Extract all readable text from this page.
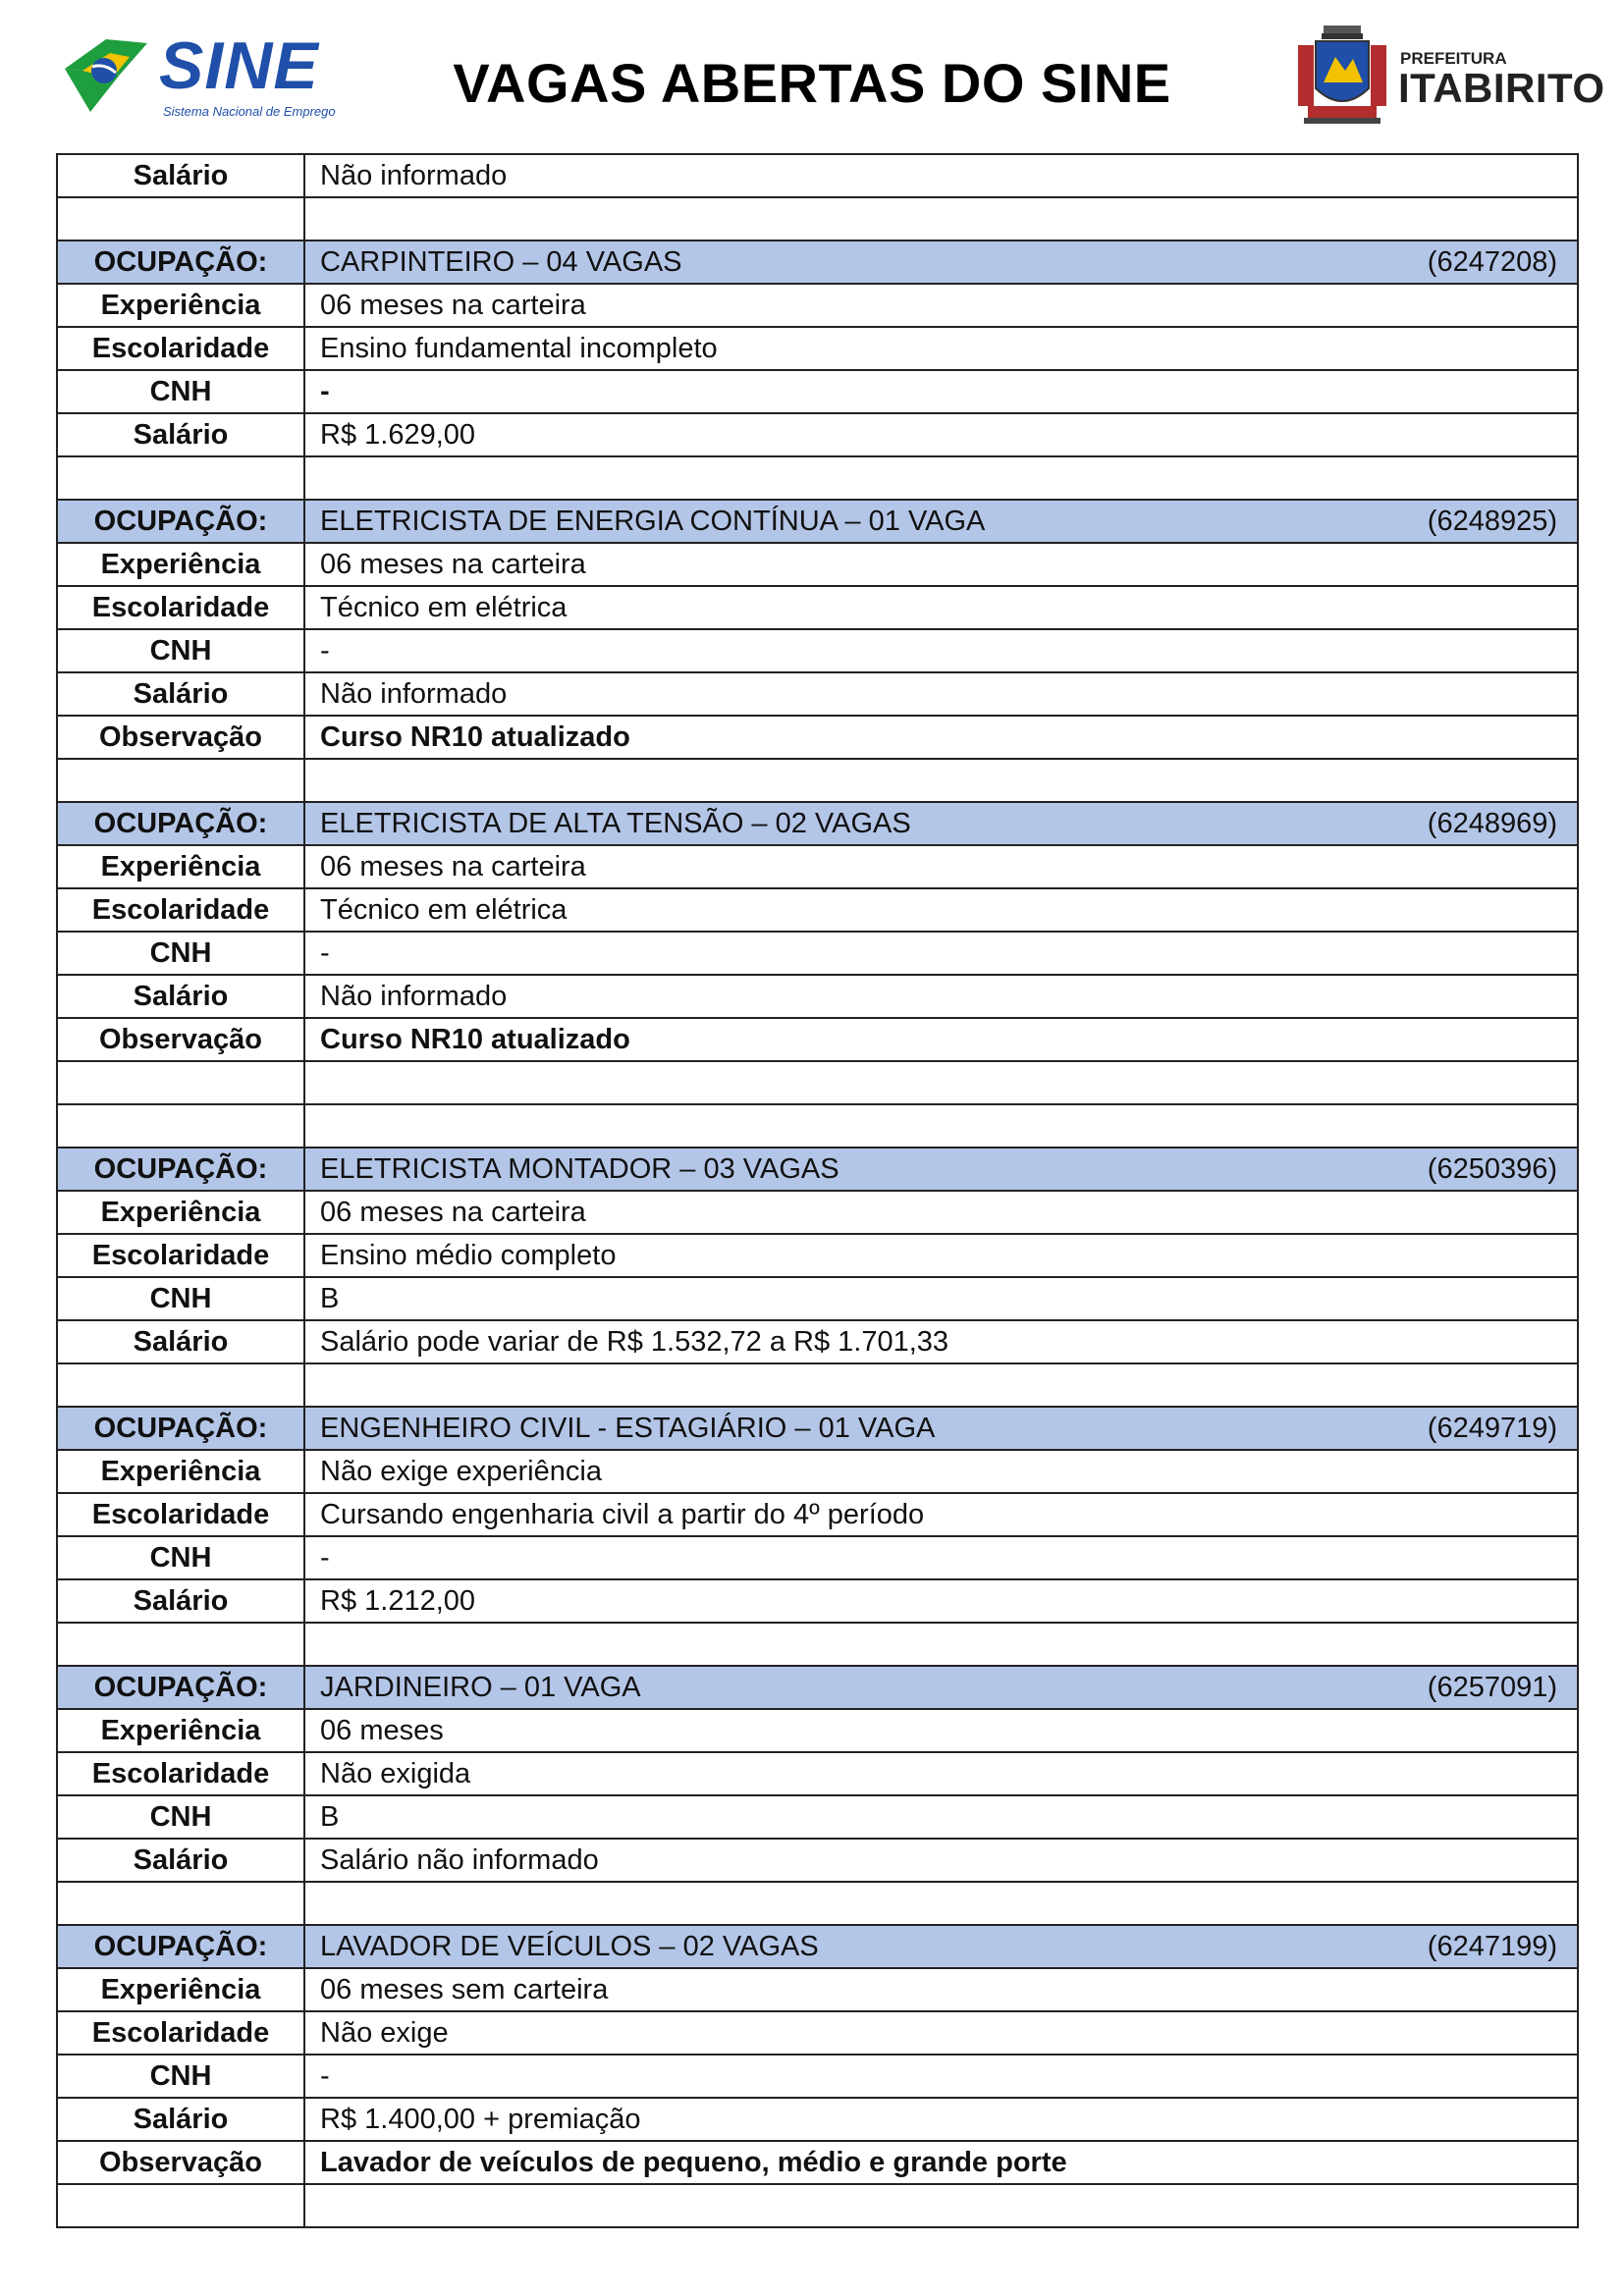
SINE
Sistema Nacional de Emprego	VAGAS ABERTAS DO SINE	PREFEITURA
ITABIRITO
Salário	Não informado

OCUPAÇÃO:	CARPINTEIRO – 04 VAGAS (6247208)

Experiência	06 meses na carteira
Escolaridade	Ensino fundamental incompleto
CNH	-
Salário	R$ 1.629,00

OCUPAÇÃO:	ELETRICISTA DE ENERGIA CONTÍNUA – 01 VAGA (6248925)

Experiência	06 meses na carteira
Escolaridade	Técnico em elétrica
CNH	-
Salário	Não informado
Observação	Curso NR10 atualizado

OCUPAÇÃO:	ELETRICISTA DE ALTA TENSÃO – 02 VAGAS (6248969)

Experiência	06 meses na carteira
Escolaridade	Técnico em elétrica
CNH	-
Salário	Não informado
Observação	Curso NR10 atualizado

OCUPAÇÃO:	ELETRICISTA MONTADOR – 03 VAGAS (6250396)

Experiência	06 meses na carteira
Escolaridade	Ensino médio completo
CNH	B
Salário	Salário pode variar de R$ 1.532,72 a R$ 1.701,33

OCUPAÇÃO:	ENGENHEIRO CIVIL - ESTAGIÁRIO – 01 VAGA (6249719)

Experiência	Não exige experiência
Escolaridade	Cursando engenharia civil a partir do 4º período
CNH	-
Salário	R$ 1.212,00

OCUPAÇÃO:	JARDINEIRO – 01 VAGA (6257091)

Experiência	06 meses
Escolaridade	Não exigida
CNH	B
Salário	Salário não informado

OCUPAÇÃO:	LAVADOR DE VEÍCULOS – 02 VAGAS (6247199)

Experiência	06 meses sem carteira
Escolaridade	Não exige
CNH	-
Salário	R$ 1.400,00 + premiação
Observação	Lavador de veículos de pequeno, médio e grande porte
